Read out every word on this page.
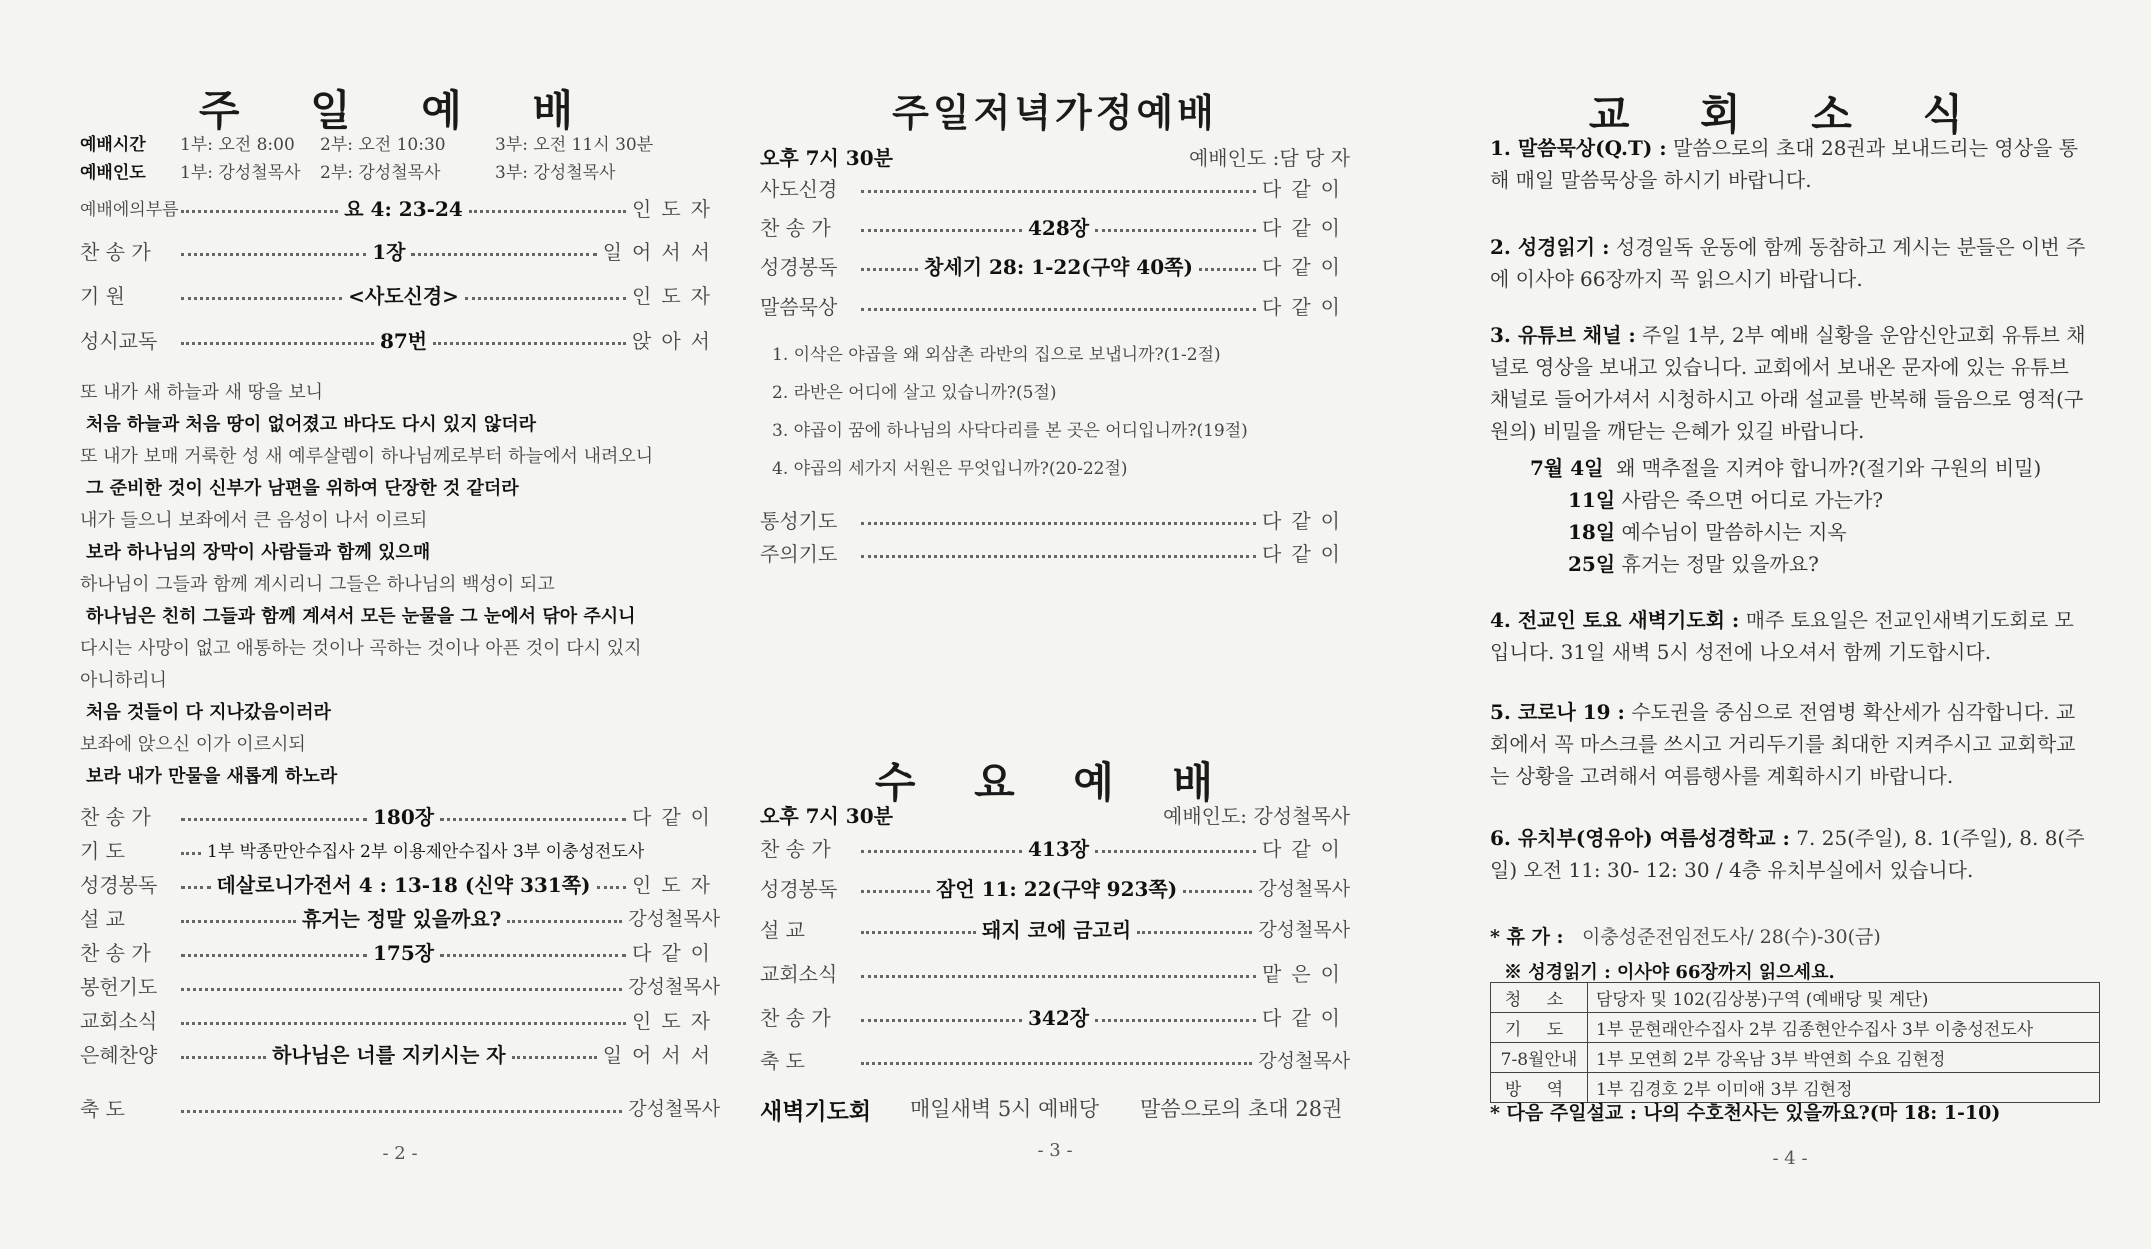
주 일 예 배
예배시간 1부: 오전 8:00 2부: 오전 10:30	3부: 오전 11시 30분
예배인도 1부: 강성철목사 2부: 강성철목사	3부: 강성철목사
예배에의부름	요 4: 23-24	인도자
찬 송 가	1장	일어서서
기 원	<사도신경>	인도자
성시교독	87번	앉아서
또 내가 새 하늘과 새 땅을 보니
처음 하늘과 처음 땅이 없어졌고 바다도 다시 있지 않더라
또 내가 보매 거룩한 성 새 예루살렘이 하나님께로부터 하늘에서 내려오니
그 준비한 것이 신부가 남편을 위하여 단장한 것 같더라
내가 들으니 보좌에서 큰 음성이 나서 이르되
보라 하나님의 장막이 사람들과 함께 있으매
하나님이 그들과 함께 계시리니 그들은 하나님의 백성이 되고
하나님은 친히 그들과 함께 계셔서 모든 눈물을 그 눈에서 닦아 주시니
다시는 사망이 없고 애통하는 것이나 곡하는 것이나 아픈 것이 다시 있지
아니하리니
처음 것들이 다 지나갔음이러라
보좌에 앉으신 이가 이르시되
보라 내가 만물을 새롭게 하노라
찬 송 가	180장	다같이
기 도	1부 박종만안수집사 2부 이용제안수집사 3부 이충성전도사
성경봉독	데살로니가전서 4 : 13-18 (신약 331쪽) 인도자
설 교	휴거는 정말 있을까요?	강성철목사
찬 송 가	175장	다같이
봉헌기도	강성철목사
교회소식	인도자
은혜찬양	하나님은 너를 지키시는 자	일어서서
축 도	강성철목사
- 2 -
주일저녁가정예배
오후 7시 30분	예배인도 :담 당 자
사도신경	다같이
찬 송 가	428장	다같이
성경봉독	창세기 28: 1-22(구약 40쪽)	다같이
말씀묵상	다같이
1. 이삭은 야곱을 왜 외삼촌 라반의 집으로 보냅니까?(1-2절)
2. 라반은 어디에 살고 있습니까?(5절)
3. 야곱이 꿈에 하나님의 사닥다리를 본 곳은 어디입니까?(19절)
4. 야곱의 세가지 서원은 무엇입니까?(20-22절)
통성기도	다같이
주의기도	다같이
수 요 예 배
오후 7시 30분	예배인도: 강성철목사
찬 송 가	413장	다같이
성경봉독	잠언 11: 22(구약 923쪽)	강성철목사
설 교	돼지 코에 금고리	강성철목사
교회소식	맡은이
찬 송 가	342장	다같이
축 도	강성철목사
새벽기도회 매일새벽 5시 예배당 말씀으로의 초대 28권
- 3 -
교 회 소 식
1. 말씀묵상(Q.T) : 말씀으로의 초대 28권과 보내드리는 영상을 통해 매일 말씀묵상을 하시기 바랍니다.
2. 성경읽기 : 성경일독 운동에 함께 동참하고 계시는 분들은 이번 주에 이사야 66장까지 꼭 읽으시기 바랍니다.
3. 유튜브 채널 : 주일 1부, 2부 예배 실황을 운암신안교회 유튜브 채널로 영상을 보내고 있습니다. 교회에서 보내온 문자에 있는 유튜브 채널로 들어가셔서 시청하시고 아래 설교를 반복해 들음으로 영적(구원의) 비밀을 깨닫는 은혜가 있길 바랍니다.
7월 4일 왜 맥추절을 지켜야 합니까?(절기와 구원의 비밀)
11일 사람은 죽으면 어디로 가는가?
18일 예수님이 말씀하시는 지옥
25일 휴거는 정말 있을까요?
4. 전교인 토요 새벽기도회 : 매주 토요일은 전교인새벽기도회로 모입니다. 31일 새벽 5시 성전에 나오셔서 함께 기도합시다.
5. 코로나 19 : 수도권을 중심으로 전염병 확산세가 심각합니다. 교회에서 꼭 마스크를 쓰시고 거리두기를 최대한 지켜주시고 교회학교는 상황을 고려해서 여름행사를 계획하시기 바랍니다.
6. 유치부(영유아) 여름성경학교 : 7. 25(주일), 8. 1(주일), 8. 8(주일) 오전 11: 30- 12: 30 / 4층 유치부실에서 있습니다.
* 휴 가 : 이충성준전임전도사/ 28(수)-30(금)
※ 성경읽기 : 이사야 66장까지 읽으세요.
청 소	담당자 및 102(김상봉)구역 (예배당 및 계단)
기 도	1부 문현래안수집사 2부 김종현안수집사 3부 이충성전도사
7-8월안내	1부 모연희 2부 강옥남 3부 박연희 수요 김현정
방 역	1부 김경호 2부 이미애 3부 김현정
* 다음 주일설교 : 나의 수호천사는 있을까요?(마 18: 1-10)
- 4 -
